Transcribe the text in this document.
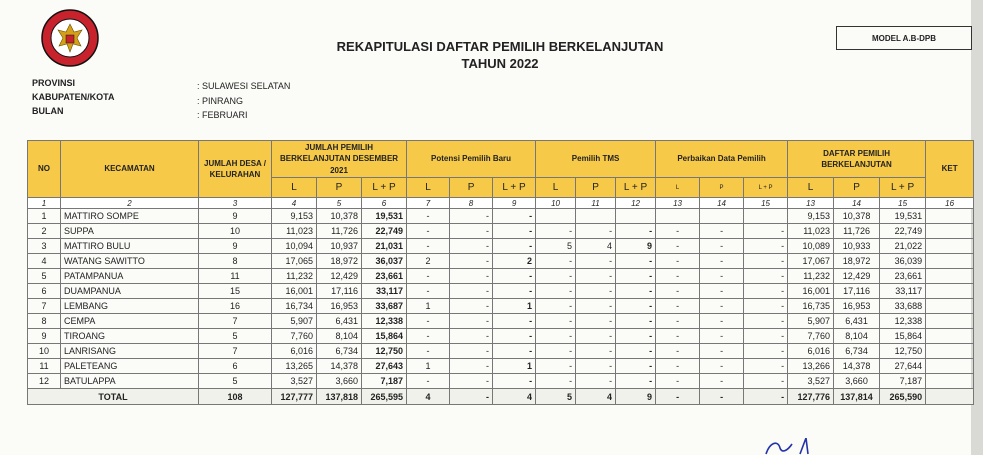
MODEL A.B-DPB
REKAPITULASI DAFTAR PEMILIH BERKELANJUTAN
TAHUN 2022
PROVINSI	: SULAWESI SELATAN
KABUPATEN/KOTA	: PINRANG
BULAN	: FEBRUARI
NO	KECAMATAN	JUMLAH DESA / KELURAHAN	JUMLAH PEMILIH BERKELANJUTAN DESEMBER 2021			Potensi Pemilih Baru			Pemilih TMS			Perbaikan Data Pemilih			DAFTAR PEMILIH BERKELANJUTAN			KET
			L	P	L + P	L	P	L + P	L	P	L + P	L	P	L + P	L	P	L + P	
1	2	3	4	5	6	7	8	9	10	11	12	13	14	15	13	14	15	16
1	MATTIRO SOMPE	9	9,153	10,378	19,531	-	-	-							9,153	10,378	19,531	
2	SUPPA	10	11,023	11,726	22,749	-	-	-	-	-	-	-	-	-	11,023	11,726	22,749	
3	MATTIRO BULU	9	10,094	10,937	21,031	-	-	-	5	4	9	-	-	-	10,089	10,933	21,022	
4	WATANG SAWITTO	8	17,065	18,972	36,037	2	-	2	-	-	-	-	-	-	17,067	18,972	36,039	
5	PATAMPANUA	11	11,232	12,429	23,661	-	-	-	-	-	-	-	-	-	11,232	12,429	23,661	
6	DUAMPANUA	15	16,001	17,116	33,117	-	-	-	-	-	-	-	-	-	16,001	17,116	33,117	
7	LEMBANG	16	16,734	16,953	33,687	1	-	1	-	-	-	-	-	-	16,735	16,953	33,688	
8	CEMPA	7	5,907	6,431	12,338	-	-	-	-	-	-	-	-	-	5,907	6,431	12,338	
9	TIROANG	5	7,760	8,104	15,864	-	-	-	-	-	-	-	-	-	7,760	8,104	15,864	
10	LANRISANG	7	6,016	6,734	12,750	-	-	-	-	-	-	-	-	-	6,016	6,734	12,750	
11	PALETEANG	6	13,265	14,378	27,643	1	-	1	-	-	-	-	-	-	13,266	14,378	27,644	
12	BATULAPPA	5	3,527	3,660	7,187	-	-	-	-	-	-	-	-	-	3,527	3,660	7,187	
TOTAL		108	127,777	137,818	265,595	4	-	4	5	4	9	-	-	-	127,776	137,814	265,590	
